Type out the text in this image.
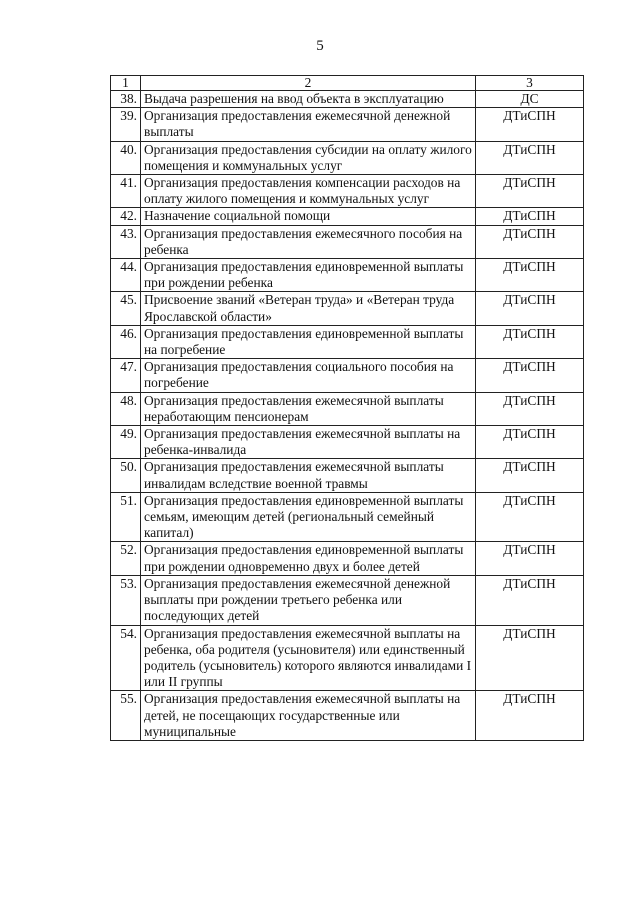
5
1	2	3
38.	Выдача разрешения на ввод объекта в эксплуатацию	ДС
39.	Организация предоставления ежемесячной денежной выплаты	ДТиСПН
40.	Организация предоставления субсидии на оплату жилого помещения и коммунальных услуг	ДТиСПН
41.	Организация предоставления компенсации расходов на оплату жилого помещения и коммунальных услуг	ДТиСПН
42.	Назначение социальной помощи	ДТиСПН
43.	Организация предоставления ежемесячного пособия на ребенка	ДТиСПН
44.	Организация предоставления единовременной выплаты при рождении ребенка	ДТиСПН
45.	Присвоение званий «Ветеран труда» и «Ветеран труда Ярославской области»	ДТиСПН
46.	Организация предоставления единовременной выплаты на погребение	ДТиСПН
47.	Организация предоставления социального пособия на погребение	ДТиСПН
48.	Организация предоставления ежемесячной выплаты неработающим пенсионерам	ДТиСПН
49.	Организация предоставления ежемесячной выплаты на ребенка-инвалида	ДТиСПН
50.	Организация предоставления ежемесячной выплаты инвалидам вследствие военной травмы	ДТиСПН
51.	Организация предоставления единовременной выплаты семьям, имеющим детей (региональный семейный капитал)	ДТиСПН
52.	Организация предоставления единовременной выплаты при рождении одновременно двух и более детей	ДТиСПН
53.	Организация предоставления ежемесячной денежной выплаты при рождении третьего ребенка или последующих детей	ДТиСПН
54.	Организация предоставления ежемесячной выплаты на ребенка, оба родителя (усыновителя) или единственный родитель (усыновитель) которого являются инвалидами I или II группы	ДТиСПН
55.	Организация предоставления ежемесячной выплаты на детей, не посещающих государственные или муниципальные	ДТиСПН
